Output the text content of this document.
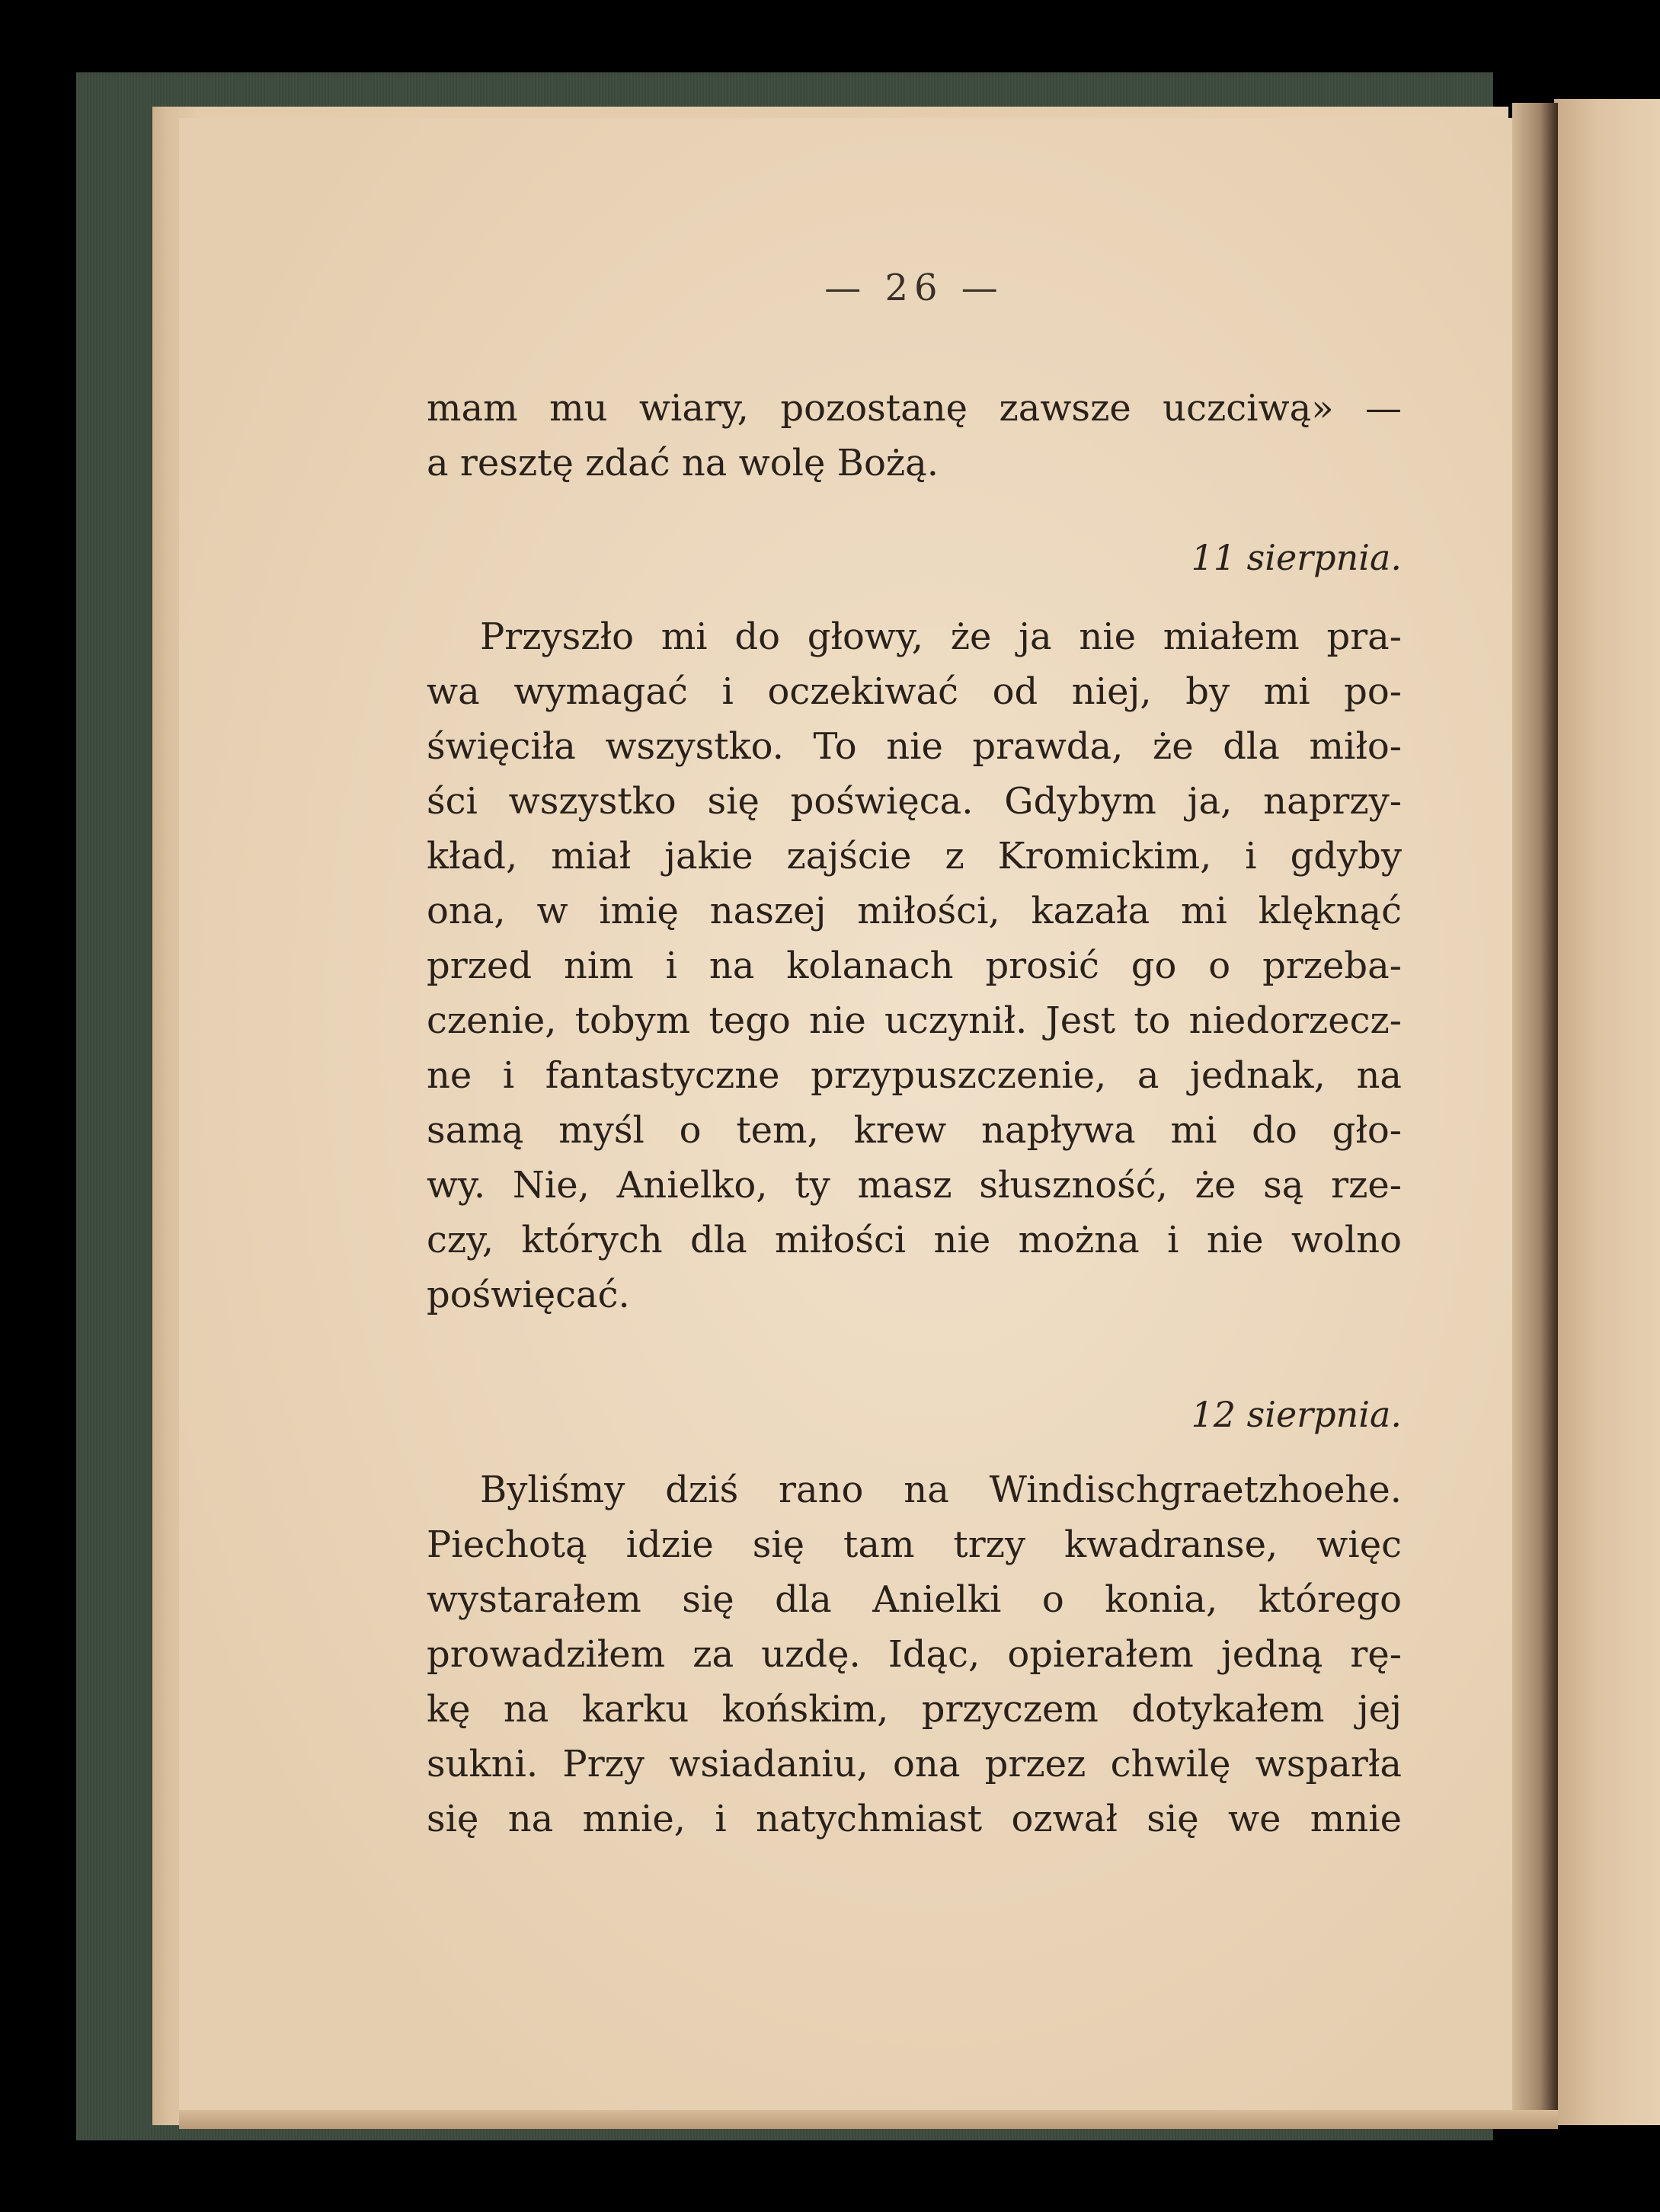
— 26 —
mam mu wiary, pozostanę zawsze uczciwą» —
a resztę zdać na wolę Bożą.
11 sierpnia.
Przyszło mi do głowy, że ja nie miałem pra-
wa wymagać i oczekiwać od niej, by mi po-
święciła wszystko. To nie prawda, że dla miło-
ści wszystko się poświęca. Gdybym ja, naprzy-
kład, miał jakie zajście z Kromickim, i gdyby
ona, w imię naszej miłości, kazała mi klęknąć
przed nim i na kolanach prosić go o przeba-
czenie, tobym tego nie uczynił. Jest to niedorzecz-
ne i fantastyczne przypuszczenie, a jednak, na
samą myśl o tem, krew napływa mi do gło-
wy. Nie, Anielko, ty masz słuszność, że są rze-
czy, których dla miłości nie można i nie wolno
poświęcać.
12 sierpnia.
Byliśmy dziś rano na Windischgraetzhoehe.
Piechotą idzie się tam trzy kwadranse, więc
wystarałem się dla Anielki o konia, którego
prowadziłem za uzdę. Idąc, opierałem jedną rę-
kę na karku końskim, przyczem dotykałem jej
sukni. Przy wsiadaniu, ona przez chwilę wsparła
się na mnie, i natychmiast ozwał się we mnie
